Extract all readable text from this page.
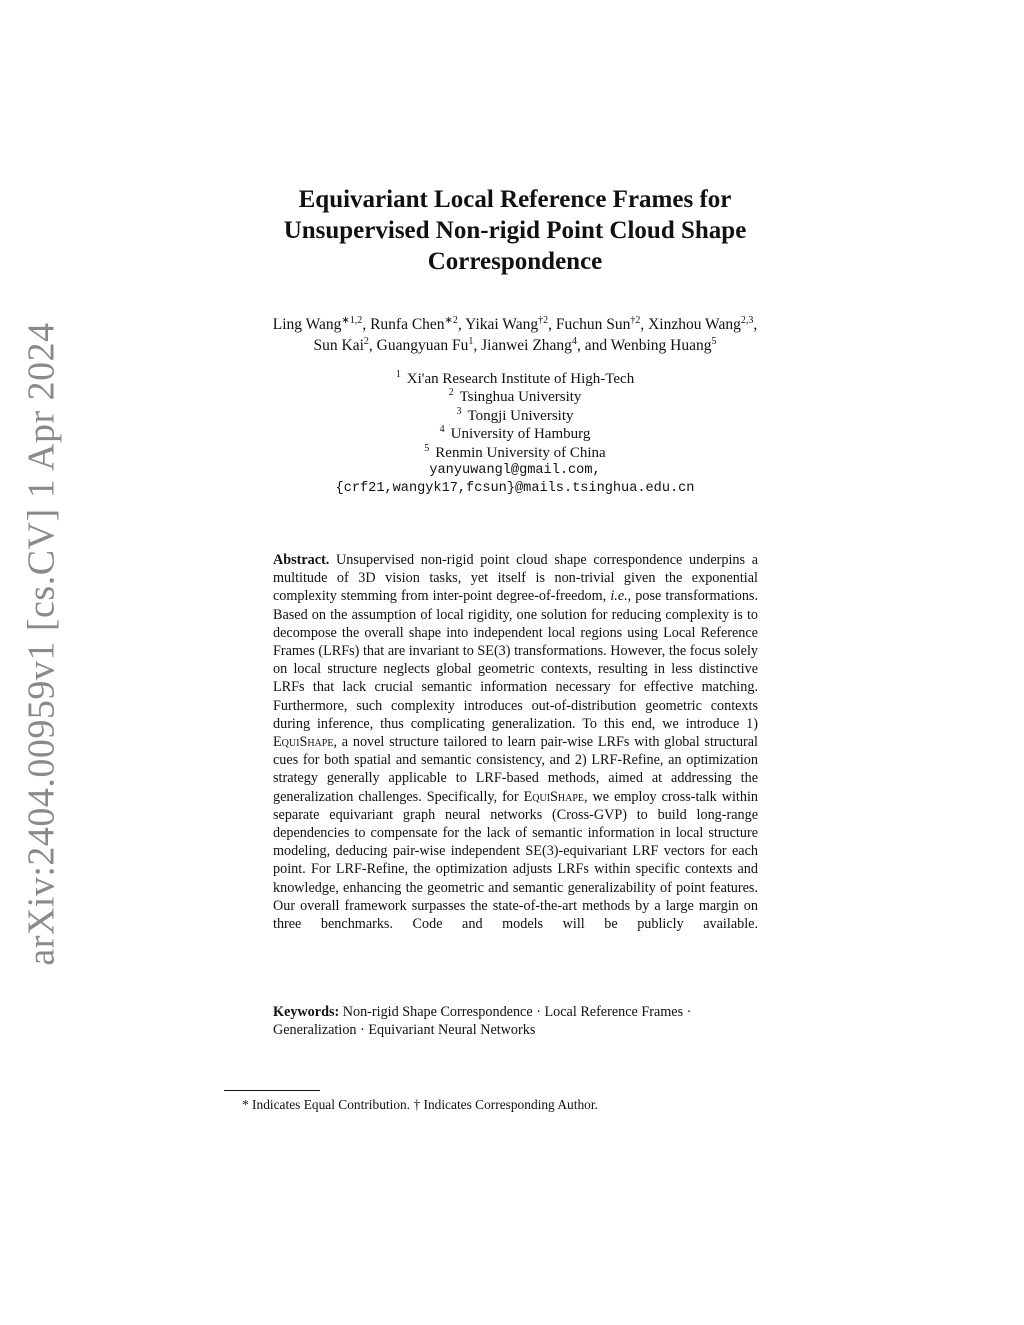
arXiv:2404.00959v1 [cs.CV] 1 Apr 2024
Equivariant Local Reference Frames for
Unsupervised Non-rigid Point Cloud Shape
Correspondence
Ling Wang$^{∗1,2}$, Runfa Chen$^{∗2}$, Yikai Wang$^{\dagger 2}$, Fuchun Sun$^{\dagger 2}$, Xinzhou Wang$^{2,3}$,
Sun Kai$^2$, Guangyuan Fu$^1$, Jianwei Zhang$^4$, and Wenbing Huang$^5$
$^1$ Xi'an Research Institute of High-Tech
$^2$ Tsinghua University
$^3$ Tongji University
$^4$ University of Hamburg
$^5$ Renmin University of China
yanyuwangl@gmail.com,
{crf21,wangyk17,fcsun}@mails.tsinghua.edu.cn

Abstract. Unsupervised non-rigid point cloud shape correspondence underpins a multitude of 3D vision tasks, yet itself is non-trivial given the exponential complexity stemming from inter-point degree-of-freedom, i.e., pose transformations. Based on the assumption of local rigidity, one solution for reducing complexity is to decompose the overall shape into independent local regions using Local Reference Frames (LRFs) that are invariant to SE(3) transformations. However, the focus solely on local structure neglects global geometric contexts, resulting in less distinctive LRFs that lack crucial semantic information necessary for effective matching. Furthermore, such complexity introduces out-of-distribution geometric contexts during inference, thus complicating generalization. To this end, we introduce 1) EquiShape, a novel structure tailored to learn pair-wise LRFs with global structural cues for both spatial and semantic consistency, and 2) LRF-Refine, an optimization strategy generally applicable to LRF-based methods, aimed at addressing the generalization challenges. Specifically, for EquiShape, we employ cross-talk within separate equivariant graph neural networks (Cross-GVP) to build long-range dependencies to compensate for the lack of semantic information in local structure modeling, deducing pair-wise independent SE(3)-equivariant LRF vectors for each point. For LRF-Refine, the optimization adjusts LRFs within specific contexts and knowledge, enhancing the geometric and semantic generalizability of point features. Our overall framework surpasses the state-of-the-art methods by a large margin on three benchmarks. Code and models will be publicly available.

Keywords: Non-rigid Shape Correspondence · Local Reference Frames · Generalization · Equivariant Neural Networks
* Indicates Equal Contribution. † Indicates Corresponding Author.
